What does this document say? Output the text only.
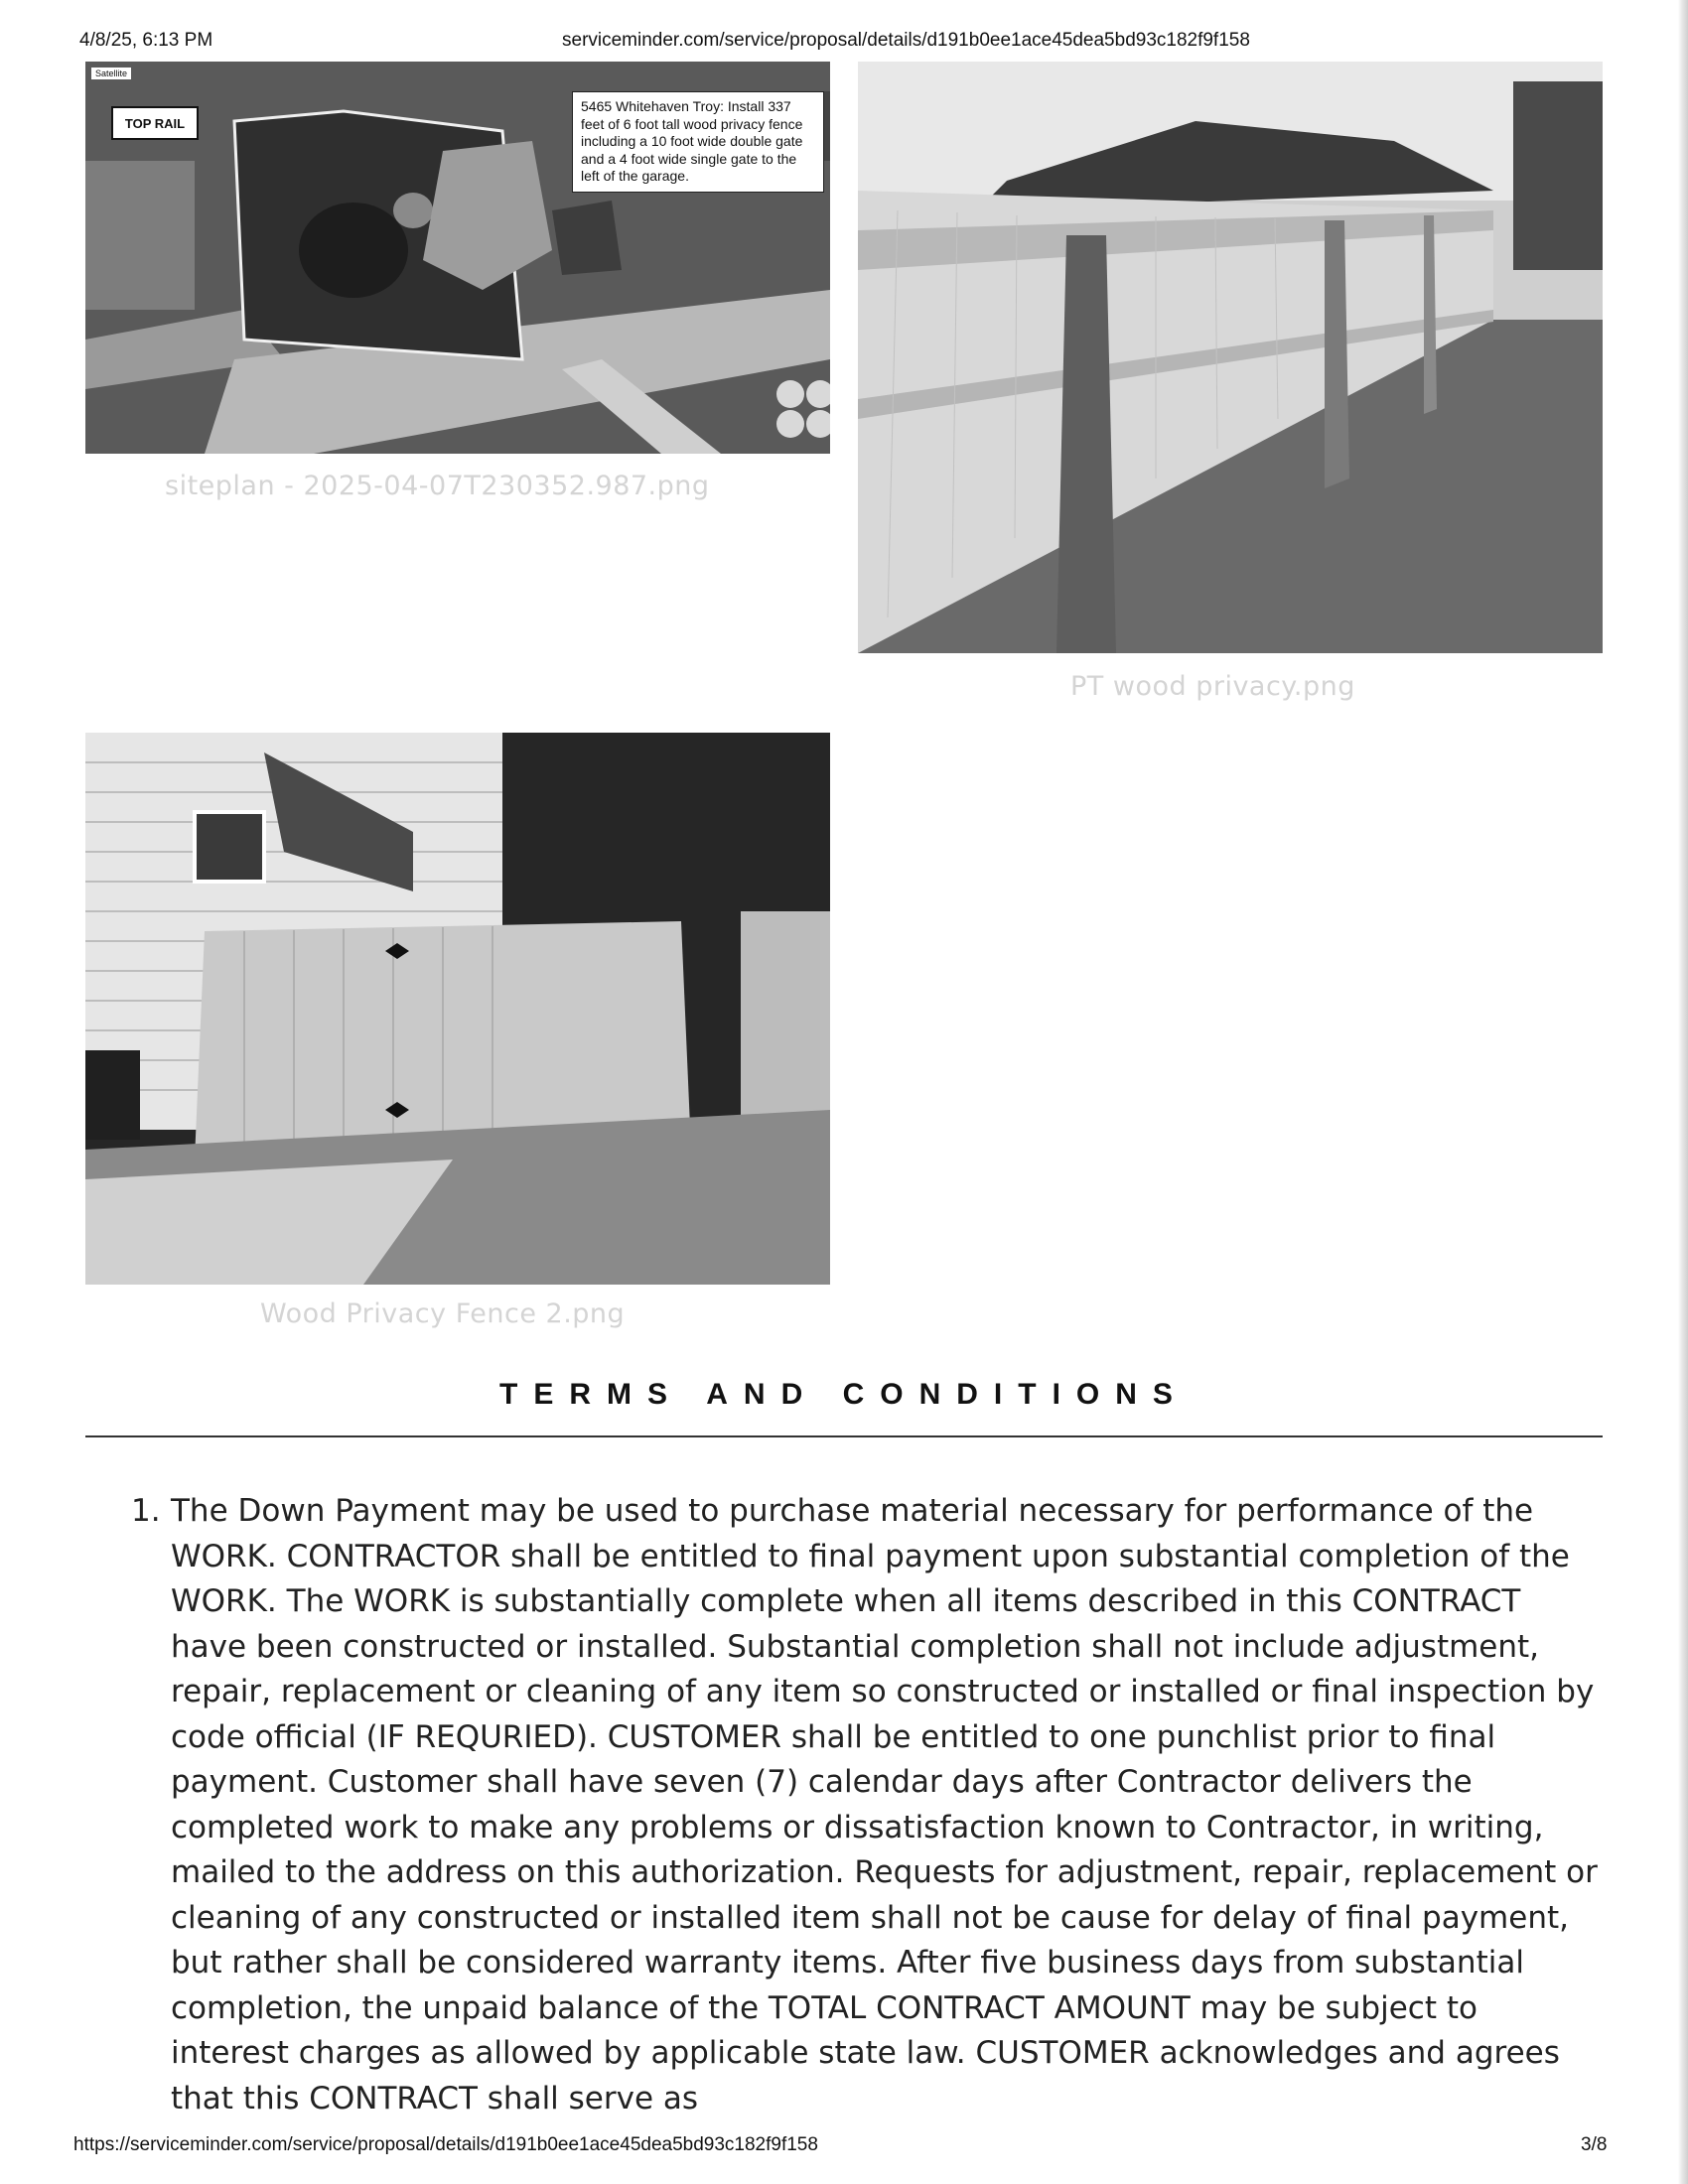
4/8/25, 6:13 PM	serviceminder.com/service/proposal/details/d191b0ee1ace45dea5bd93c182f9f158
Satellite
TOP RAIL
5465 Whitehaven Troy: Install 337 feet of 6 foot tall wood privacy fence including a 10 foot wide double gate and a 4 foot wide single gate to the left of the garage.
siteplan - 2025-04-07T230352.987.png
PT wood privacy.png
Wood Privacy Fence 2.png
TERMS AND CONDITIONS
1. The Down Payment may be used to purchase material necessary for performance of the WORK. CONTRACTOR shall be entitled to final payment upon substantial completion of the WORK. The WORK is substantially complete when all items described in this CONTRACT have been constructed or installed. Substantial completion shall not include adjustment, repair, replacement or cleaning of any item so constructed or installed or final inspection by code official (IF REQURIED). CUSTOMER shall be entitled to one punchlist prior to final payment. Customer shall have seven (7) calendar days after Contractor delivers the completed work to make any problems or dissatisfaction known to Contractor, in writing, mailed to the address on this authorization. Requests for adjustment, repair, replacement or cleaning of any constructed or installed item shall not be cause for delay of final payment, but rather shall be considered warranty items. After five business days from substantial completion, the unpaid balance of the TOTAL CONTRACT AMOUNT may be subject to interest charges as allowed by applicable state law. CUSTOMER acknowledges and agrees that this CONTRACT shall serve as
https://serviceminder.com/service/proposal/details/d191b0ee1ace45dea5bd93c182f9f158	3/8
